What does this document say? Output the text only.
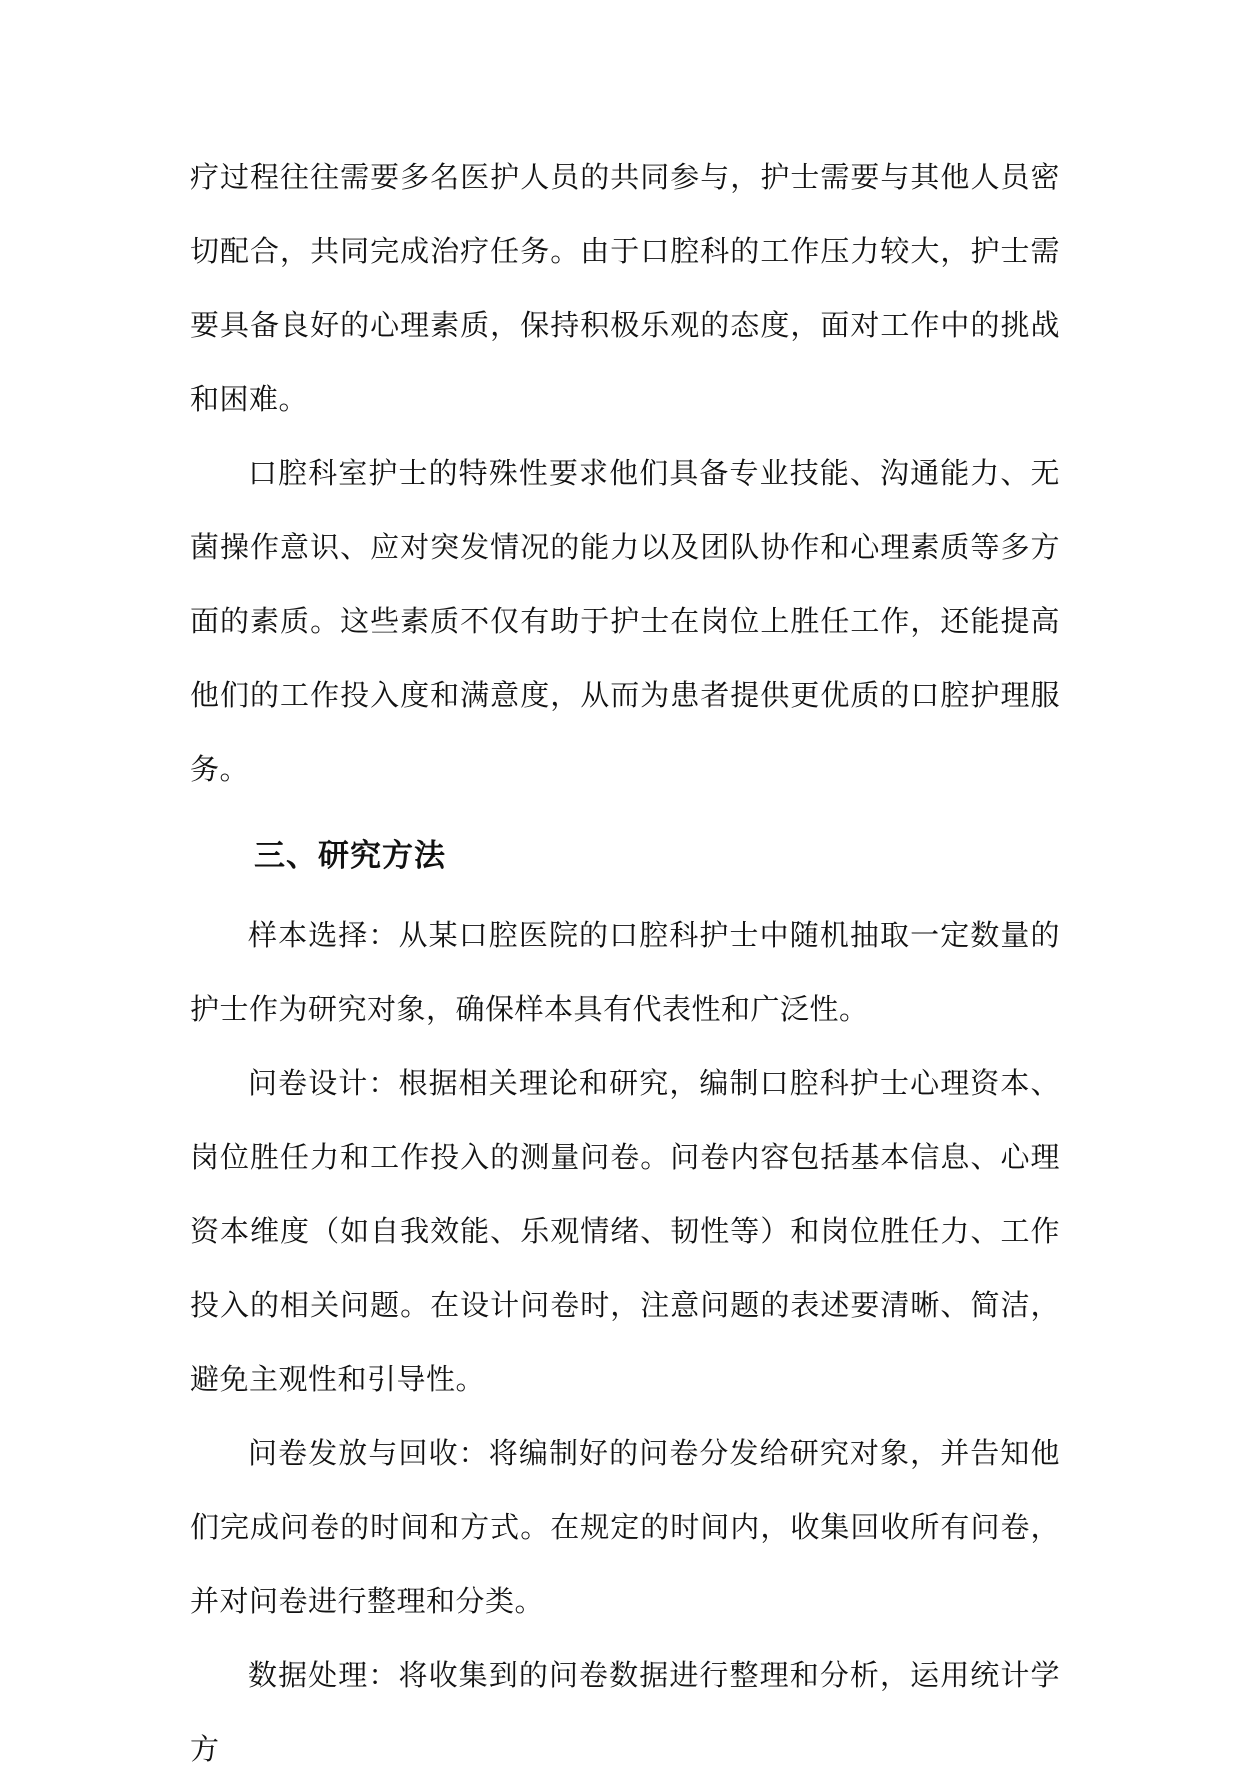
疗过程往往需要多名医护人员的共同参与，护士需要与其他人员密切配合，共同完成治疗任务。由于口腔科的工作压力较大，护士需要具备良好的心理素质，保持积极乐观的态度，面对工作中的挑战和困难。

口腔科室护士的特殊性要求他们具备专业技能、沟通能力、无菌操作意识、应对突发情况的能力以及团队协作和心理素质等多方面的素质。这些素质不仅有助于护士在岗位上胜任工作，还能提高他们的工作投入度和满意度，从而为患者提供更优质的口腔护理服务。

三、研究方法

样本选择：从某口腔医院的口腔科护士中随机抽取一定数量的护士作为研究对象，确保样本具有代表性和广泛性。

问卷设计：根据相关理论和研究，编制口腔科护士心理资本、岗位胜任力和工作投入的测量问卷。问卷内容包括基本信息、心理资本维度（如自我效能、乐观情绪、韧性等）和岗位胜任力、工作投入的相关问题。在设计问卷时，注意问题的表述要清晰、简洁，避免主观性和引导性。

问卷发放与回收：将编制好的问卷分发给研究对象，并告知他们完成问卷的时间和方式。在规定的时间内，收集回收所有问卷，并对问卷进行整理和分类。

数据处理：将收集到的问卷数据进行整理和分析，运用统计学方
